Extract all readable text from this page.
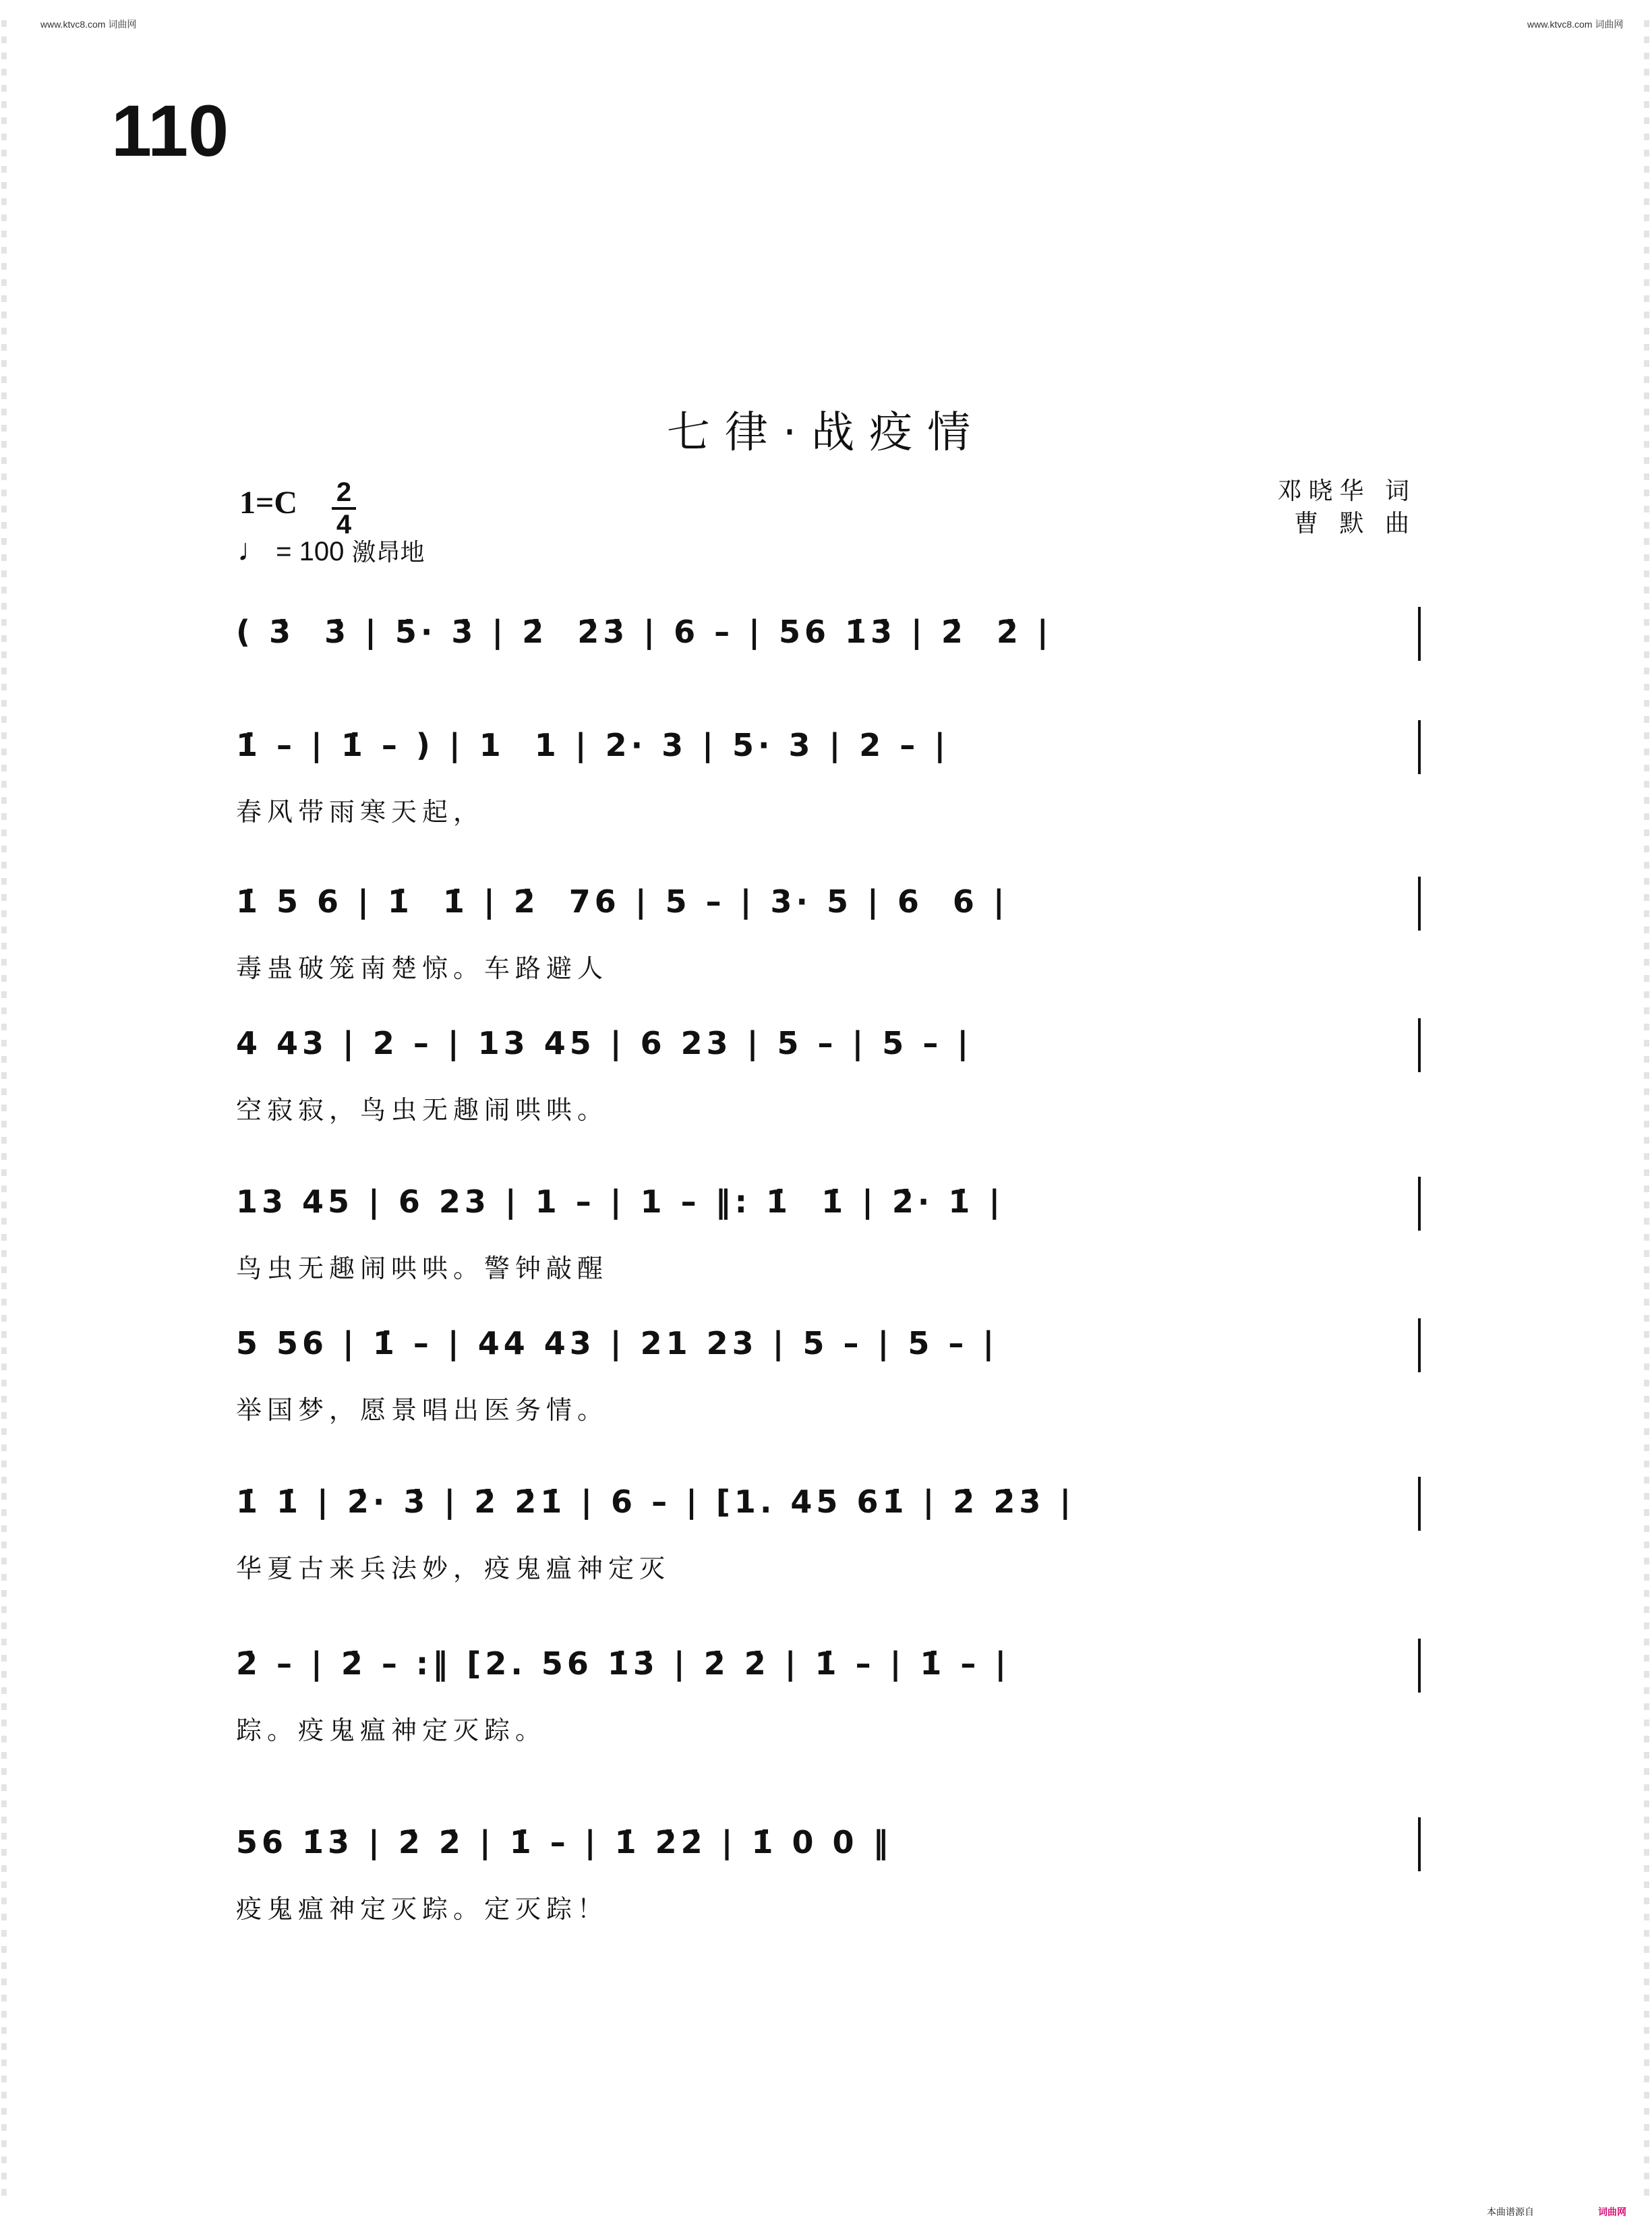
www.ktvc8.com 词曲网	www.ktvc8.com 词曲网
110
七律·战疫情
1=C 2
4
♩ = 100 激昂地
邓晓华 词
曹 默 曲
( 3̇  3̇ | 5̇· 3̇ | 2̇  2̇3̇ | 6 – | 56 1̇3̇ | 2̇  2̇ |
1̇ – | 1̇ – ) | 1  1 | 2· 3 | 5· 3 | 2 – |
春风带雨寒天起，
1̇ 5 6 | 1̇  1̇ | 2̇  76 | 5 – | 3· 5 | 6  6 |
毒蛊破笼南楚惊。车路避人
4 43 | 2 – | 13 45 | 6 23 | 5 – | 5 – |
空寂寂，鸟虫无趣闹哄哄。
13 45 | 6 23 | 1 – | 1 – ‖: 1̇  1̇ | 2̇· 1̇ |
鸟虫无趣闹哄哄。警钟敲醒
5 56 | 1̇ – | 44 43 | 21 23 | 5 – | 5 – |
举国梦，愿景唱出医务情。
1̇ 1̇ | 2̇· 3̇ | 2̇ 2̇1̇ | 6 – | [1. 45 61̇ | 2̇ 2̇3̇ |
华夏古来兵法妙，疫鬼瘟神定灭
2̇ – | 2̇ – :‖ [2. 56 1̇3̇ | 2̇ 2̇ | 1̇ – | 1̇ – |
踪。疫鬼瘟神定灭踪。
56 1̇3̇ | 2̇ 2̇ | 1̇ – | 1̇ 2̇2̇ | 1̇ 0 0 ‖
疫鬼瘟神定灭踪。定灭踪！
本曲谱源自	词曲网
